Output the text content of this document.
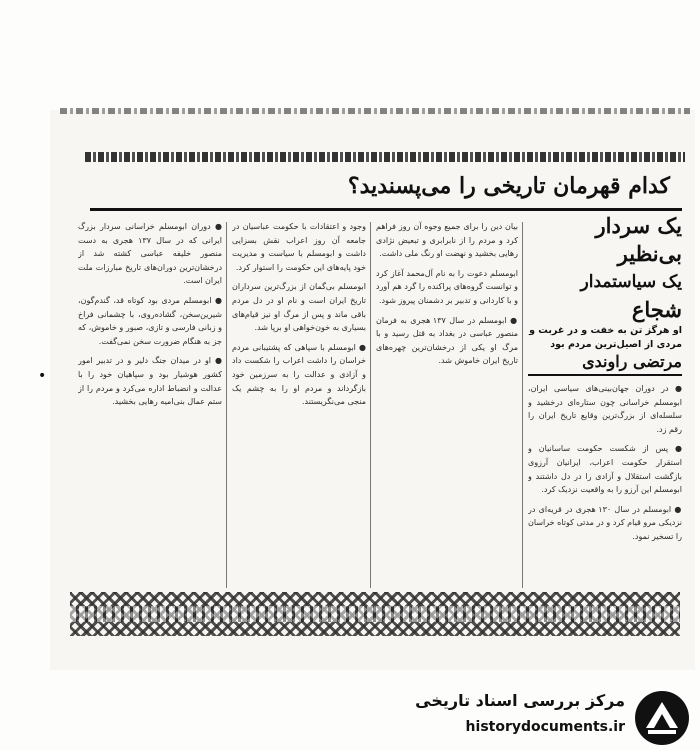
کدام قهرمان تاریخی را می‌پسندید؟

یک سردار

بی‌نظیر

یک سیاستمدار

شجاع

او هرگز تن به خفت و در غربت و مردی از اصیل‌ترین مردم بود
مرتضی راوندی

● در دوران جهان‌بینی‌های سیاسی ایران، ابو‌مسلم خراسانی چون ستاره‌ای درخشید و سلسله‌ای از بزرگ‌ترین وقایع تاریخ ایران را رقم زد.

● پس از شکست حکومت ساسانیان و استقرار حکومت اعراب، ایرانیان آرزوی بازگشت استقلال و آزادی را در دل داشتند و ابو‌مسلم این آرزو را به واقعیت نزدیک کرد.

● ابو‌مسلم در سال ۱۳۰ هجری در قریه‌ای در نزدیکی مرو قیام کرد و در مدتی کوتاه خراسان را تسخیر نمود.

بیان دین را برای جمیع وجوه آن روز فراهم کرد و مردم را از نابرابری و تبعیض نژادی رهایی بخشید و نهضت او رنگ ملی داشت.

ابو‌مسلم دعوت را به نام آل‌محمد آغاز کرد و توانست گروه‌های پراکنده را گرد هم آورد و با کاردانی و تدبیر بر دشمنان پیروز شود.

● ابو‌مسلم در سال ۱۳۷ هجری به فرمان منصور عباسی در بغداد به قتل رسید و با مرگ او یکی از درخشان‌ترین چهره‌های تاریخ ایران خاموش شد.

وجود و اعتقادات با حکومت عباسیان در جامعه آن روز اعراب نقش بسزایی داشت و ابو‌مسلم با سیاست و مدیریت خود پایه‌های این حکومت را استوار کرد.

ابو‌مسلم بی‌گمان از بزرگ‌ترین سرداران تاریخ ایران است و نام او در دل مردم باقی ماند و پس از مرگ او نیز قیام‌های بسیاری به خون‌خواهی او برپا شد.

● ابو‌مسلم با سپاهی که پشتیبانی مردم خراسان را داشت اعراب را شکست داد و آزادی و عدالت را به سرزمین خود بازگرداند و مردم او را به چشم یک منجی می‌نگریستند.

● دوران ابو‌مسلم خراسانی سردار بزرگ ایرانی که در سال ۱۳۷ هجری به دست منصور خلیفه عباسی کشته شد از درخشان‌ترین دوران‌های تاریخ مبارزات ملت ایران است.

● ابو‌مسلم مردی بود کوتاه قد، گندم‌گون، شیرین‌سخن، گشاده‌روی، با چشمانی فراخ و زبانی فارسی و تازی، صبور و خاموش، که جز به هنگام ضرورت سخن نمی‌گفت.

● او در میدان جنگ دلیر و در تدبیر امور کشور هوشیار بود و سپاهیان خود را با عدالت و انضباط اداره می‌کرد و مردم را از ستم عمال بنی‌امیه رهایی بخشید.

•
مرکز بررسی اسناد تاریخی
historydocuments.ir
